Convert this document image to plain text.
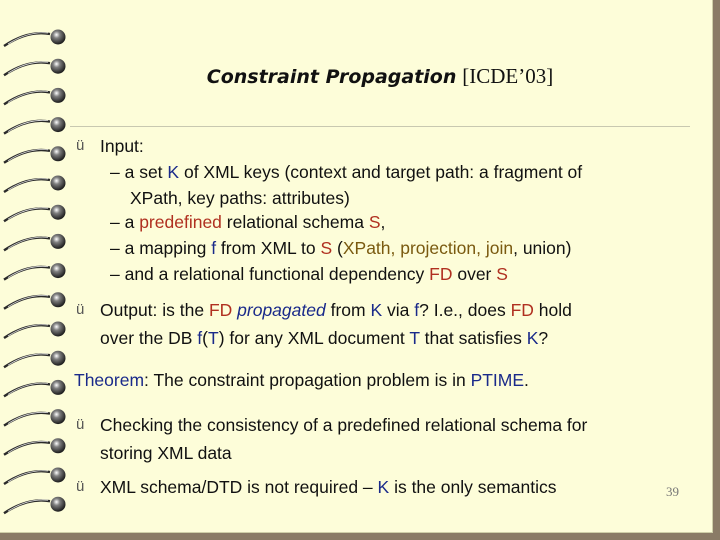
Constraint Propagation [ICDE’03]
ü Input:
– a set K of XML keys (context and target path: a fragment of
XPath, key paths: attributes)
– a predefined relational schema S,
– a mapping f from XML to S (XPath, projection, join, union)
– and a relational functional dependency FD over S
ü Output: is the FD propagated from K via f? I.e., does FD hold
over the DB f(T) for any XML document T that satisfies K?
Theorem: The constraint propagation problem is in PTIME.
ü Checking the consistency of a predefined relational schema for
storing XML data
ü XML schema/DTD is not required – K is the only semantics	39
